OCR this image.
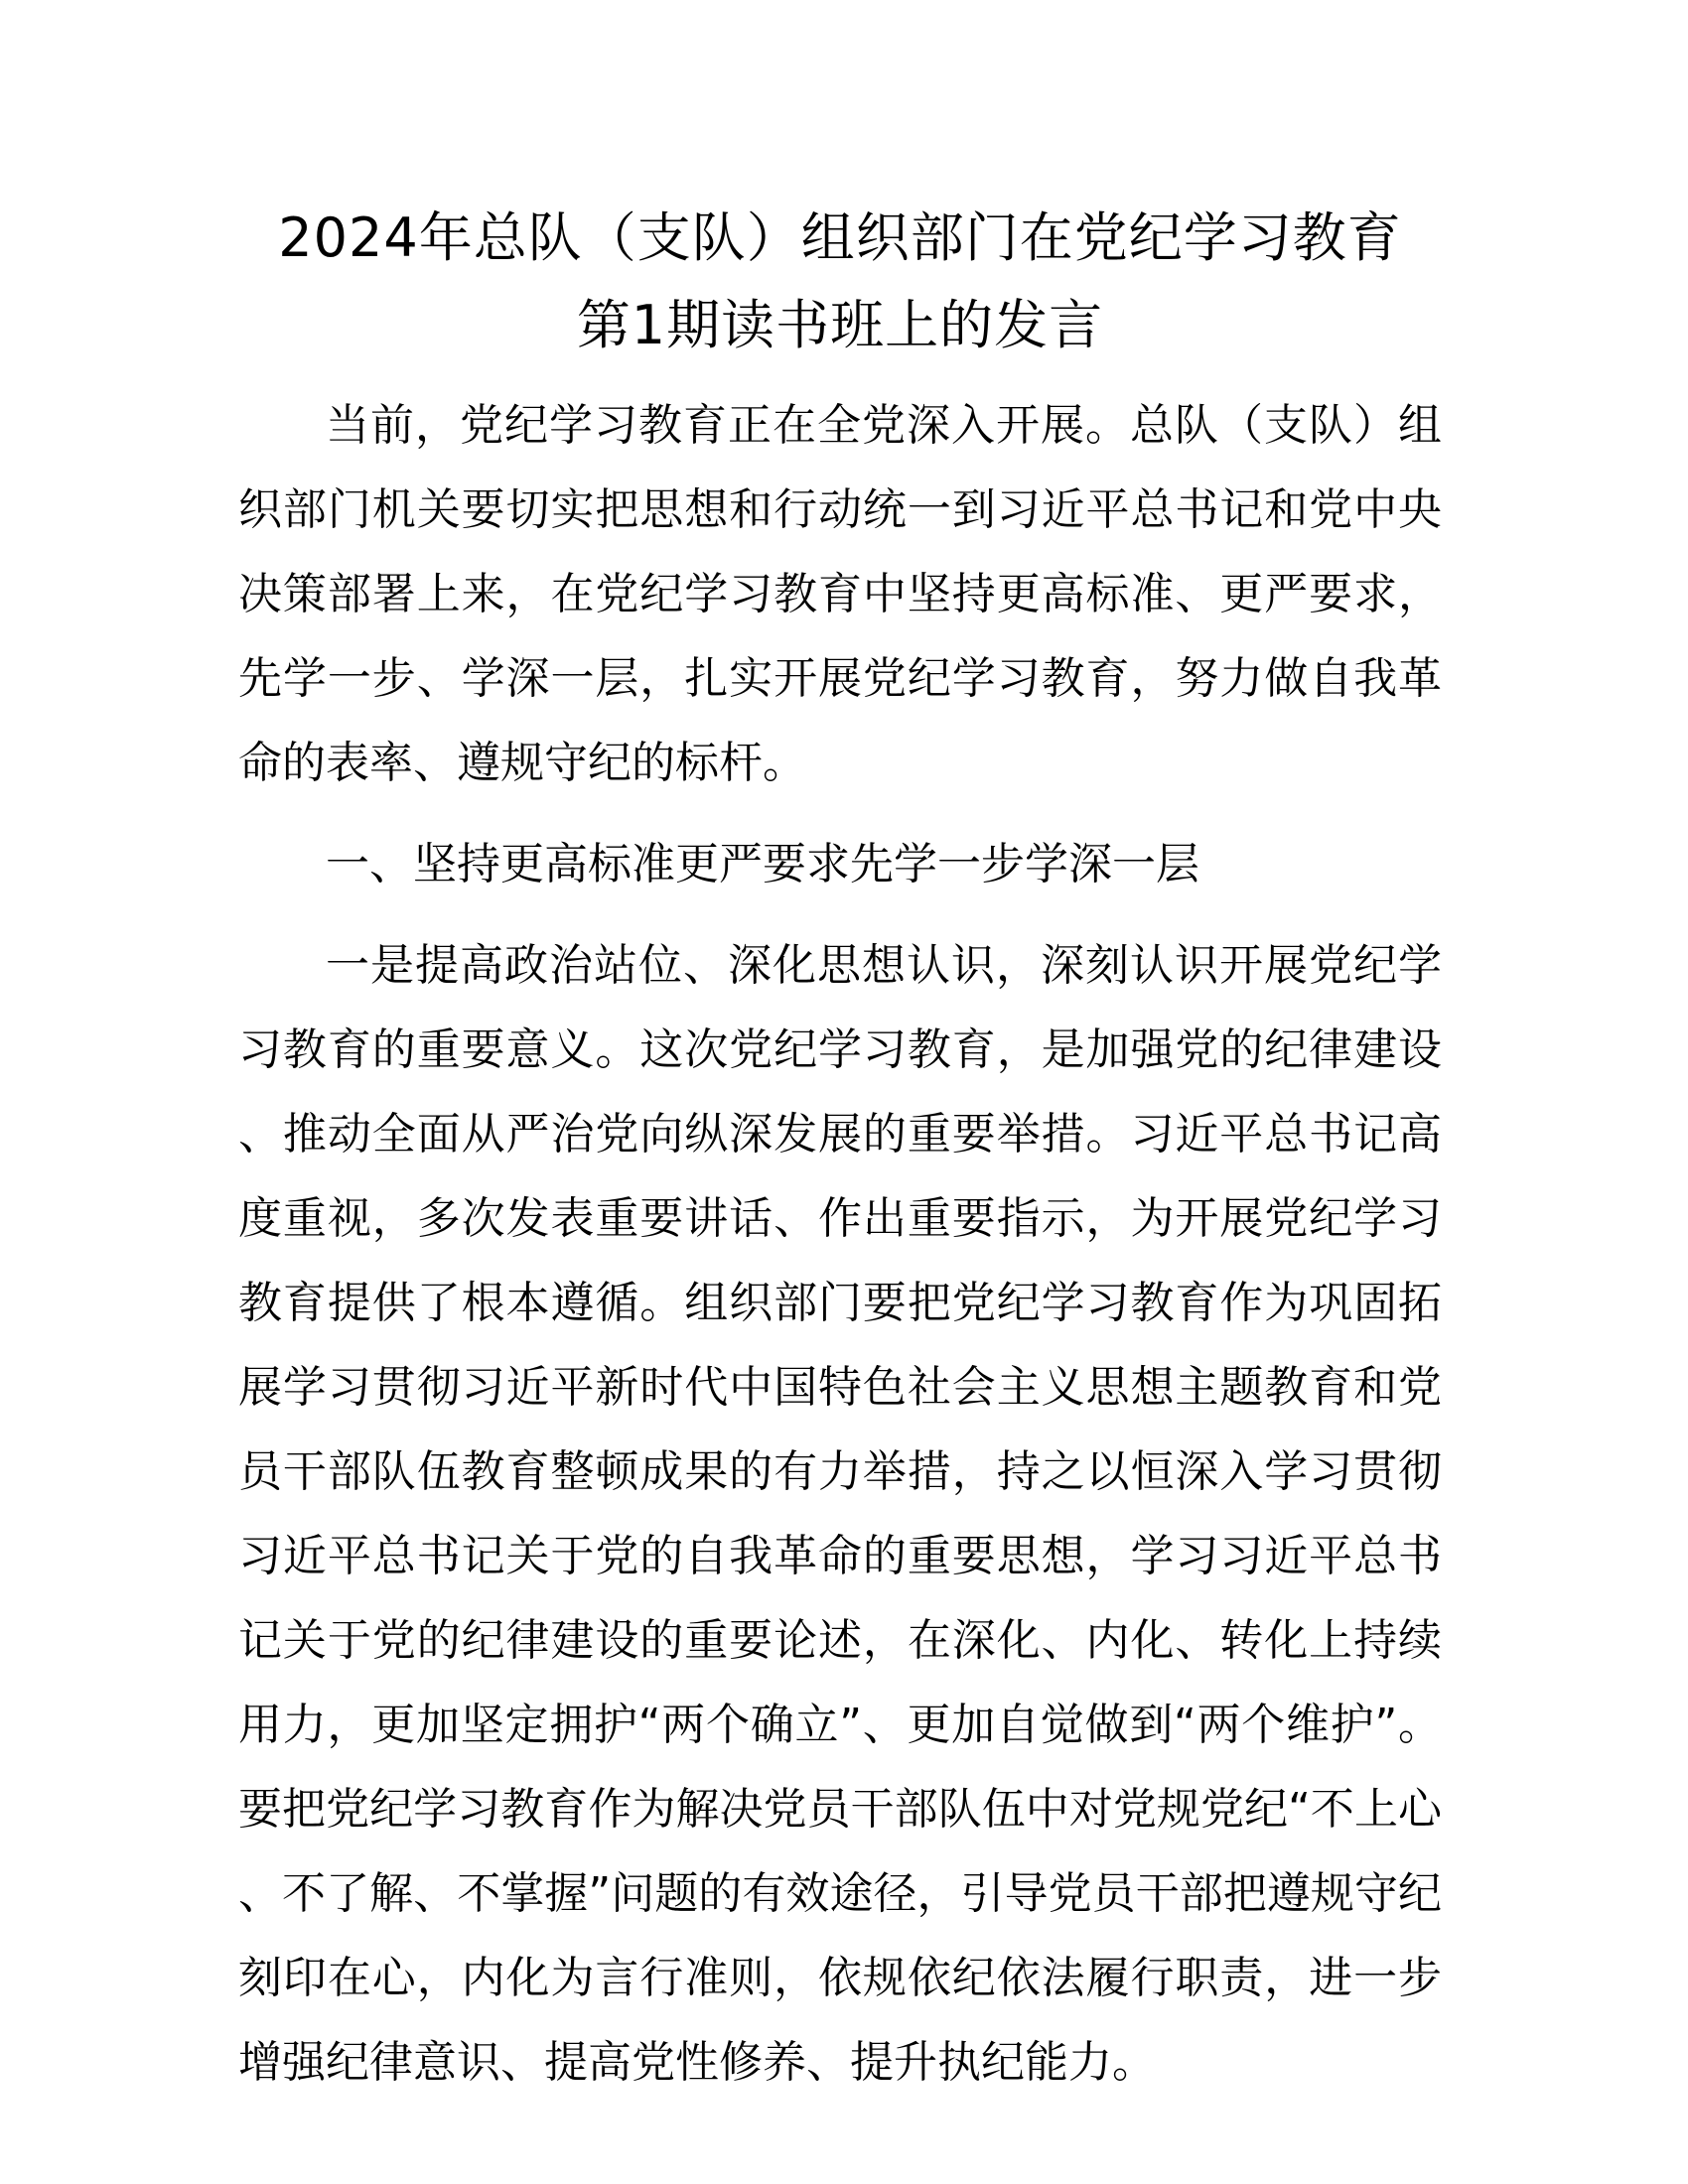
2024年总队（支队）组织部门在党纪学习教育
第1期读书班上的发言

当前，党纪学习教育正在全党深入开展。总队（支队）组织部门机关要切实把思想和行动统一到习近平总书记和党中央决策部署上来，在党纪学习教育中坚持更高标准、更严要求，先学一步、学深一层，扎实开展党纪学习教育，努力做自我革命的表率、遵规守纪的标杆。

一、坚持更高标准更严要求先学一步学深一层

一是提高政治站位、深化思想认识，深刻认识开展党纪学习教育的重要意义。这次党纪学习教育，是加强党的纪律建设、推动全面从严治党向纵深发展的重要举措。习近平总书记高度重视，多次发表重要讲话、作出重要指示，为开展党纪学习教育提供了根本遵循。组织部门要把党纪学习教育作为巩固拓展学习贯彻习近平新时代中国特色社会主义思想主题教育和党员干部队伍教育整顿成果的有力举措，持之以恒深入学习贯彻习近平总书记关于党的自我革命的重要思想，学习习近平总书记关于党的纪律建设的重要论述，在深化、内化、转化上持续用力，更加坚定拥护“两个确立”、更加自觉做到“两个维护”。要把党纪学习教育作为解决党员干部队伍中对党规党纪“不上心、不了解、不掌握”问题的有效途径，引导党员干部把遵规守纪刻印在心，内化为言行准则，依规依纪依法履行职责，进一步增强纪律意识、提高党性修养、提升执纪能力。
